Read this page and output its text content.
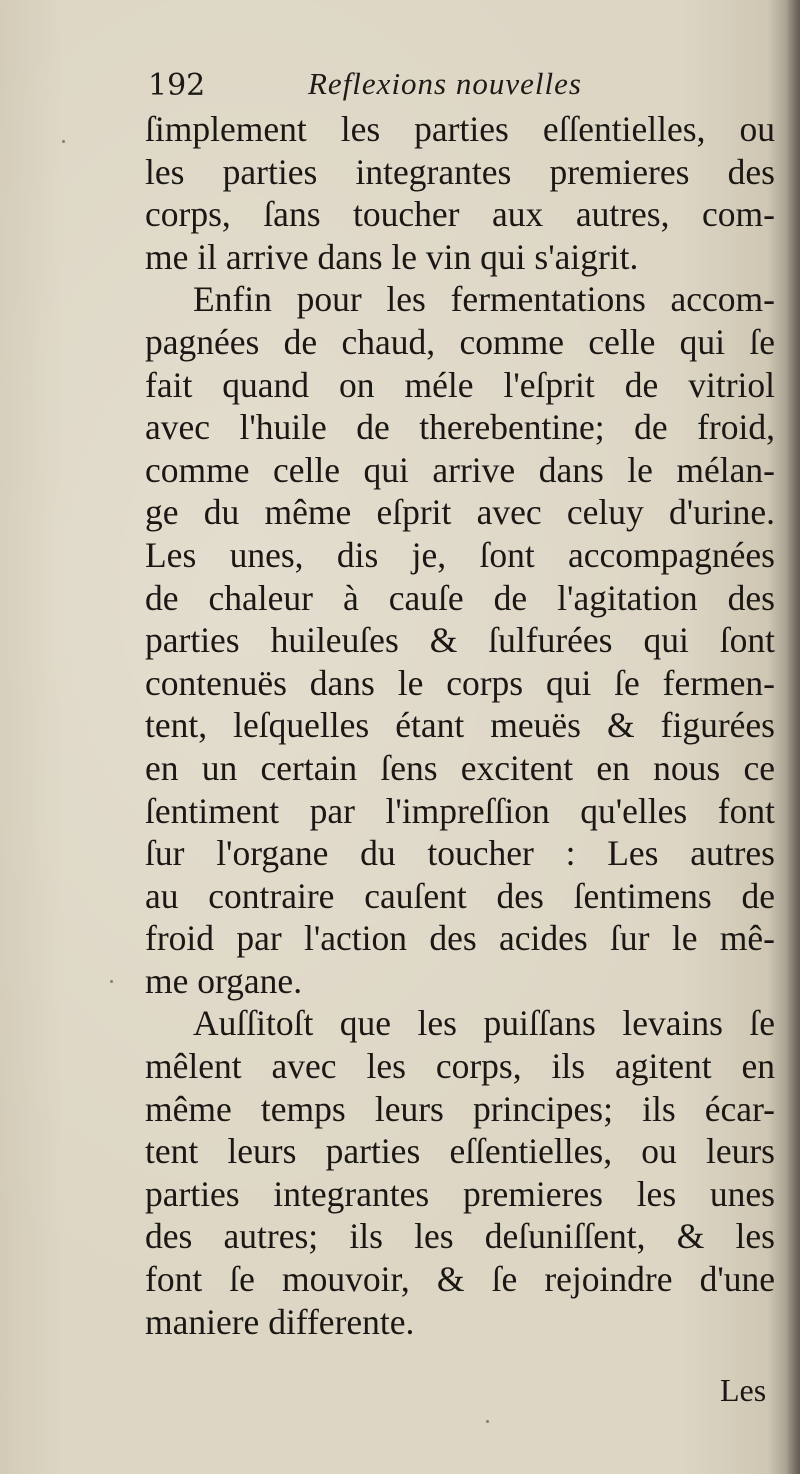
192	Reflexions nouvelles
ſimplement les parties eſſentielles, ou
les parties integrantes premieres des
corps, ſans toucher aux autres, com-
me il arrive dans le vin qui s'aigrit.
Enfin pour les fermentations accom-
pagnées de chaud, comme celle qui ſe
fait quand on méle l'eſprit de vitriol
avec l'huile de therebentine; de froid,
comme celle qui arrive dans le mélan-
ge du même eſprit avec celuy d'urine.
Les unes, dis je, ſont accompagnées
de chaleur à cauſe de l'agitation des
parties huileuſes & ſulfurées qui ſont
contenuës dans le corps qui ſe fermen-
tent, leſquelles étant meuës & figurées
en un certain ſens excitent en nous ce
ſentiment par l'impreſſion qu'elles font
ſur l'organe du toucher : Les autres
au contraire cauſent des ſentimens de
froid par l'action des acides ſur le mê-
me organe.
Auſſitoſt que les puiſſans levains ſe
mêlent avec les corps, ils agitent en
même temps leurs principes; ils écar-
tent leurs parties eſſentielles, ou leurs
parties integrantes premieres les unes
des autres; ils les deſuniſſent, & les
font ſe mouvoir, & ſe rejoindre d'une
maniere differente.
Les
